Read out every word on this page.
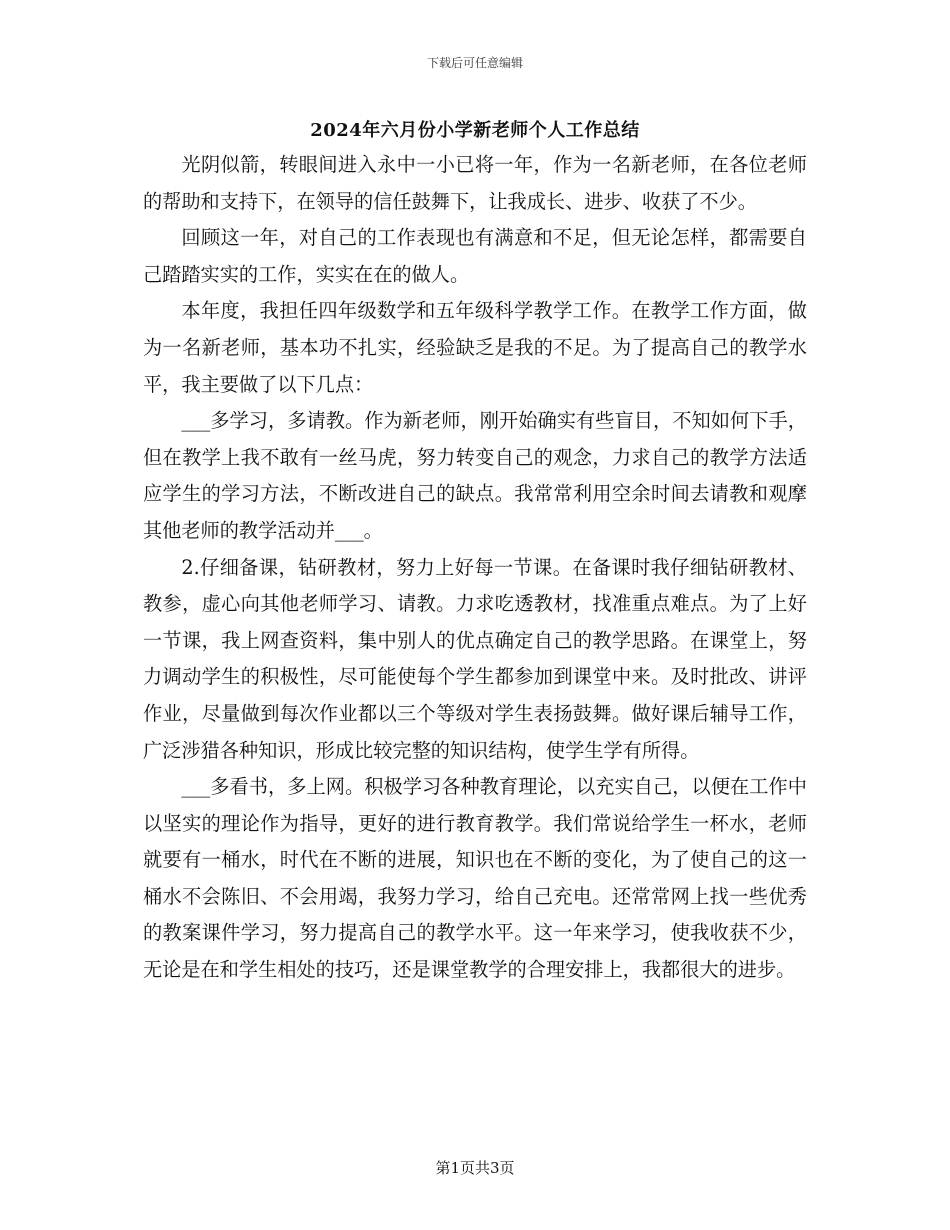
下载后可任意编辑
2024年六月份小学新老师个人工作总结

光阴似箭，转眼间进入永中一小已将一年，作为一名新老师，在各位老师的帮助和支持下，在领导的信任鼓舞下，让我成长、进步、收获了不少。

回顾这一年，对自己的工作表现也有满意和不足，但无论怎样，都需要自己踏踏实实的工作，实实在在的做人。

本年度，我担任四年级数学和五年级科学教学工作。在教学工作方面，做为一名新老师，基本功不扎实，经验缺乏是我的不足。为了提高自己的教学水平，我主要做了以下几点：

___多学习，多请教。作为新老师，刚开始确实有些盲目，不知如何下手，但在教学上我不敢有一丝马虎，努力转变自己的观念，力求自己的教学方法适应学生的学习方法，不断改进自己的缺点。我常常利用空余时间去请教和观摩其他老师的教学活动并___。

2.仔细备课，钻研教材，努力上好每一节课。在备课时我仔细钻研教材、教参，虚心向其他老师学习、请教。力求吃透教材，找准重点难点。为了上好一节课，我上网查资料，集中别人的优点确定自己的教学思路。在课堂上，努力调动学生的积极性，尽可能使每个学生都参加到课堂中来。及时批改、讲评作业，尽量做到每次作业都以三个等级对学生表扬鼓舞。做好课后辅导工作，广泛涉猎各种知识，形成比较完整的知识结构，使学生学有所得。

___多看书，多上网。积极学习各种教育理论，以充实自己，以便在工作中以坚实的理论作为指导，更好的进行教育教学。我们常说给学生一杯水，老师就要有一桶水，时代在不断的进展，知识也在不断的变化，为了使自己的这一桶水不会陈旧、不会用竭，我努力学习，给自己充电。还常常网上找一些优秀的教案课件学习，努力提高自己的教学水平。这一年来学习，使我收获不少，无论是在和学生相处的技巧，还是课堂教学的合理安排上，我都很大的进步。

第1页共3页
